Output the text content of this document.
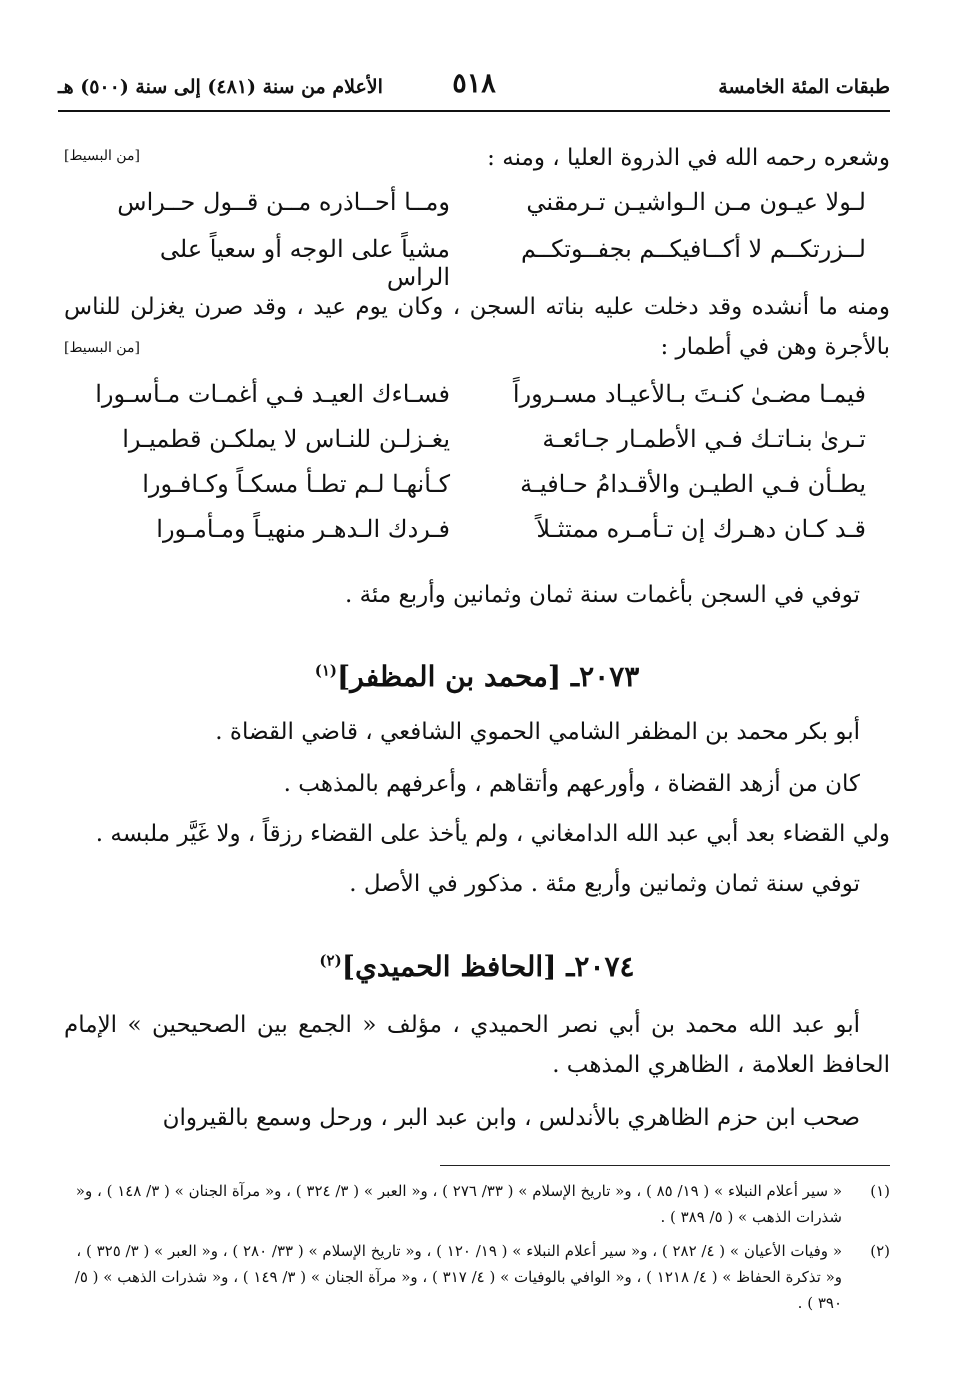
طبقات المئة الخامسة
٥١٨
الأعلام من سنة (٤٨١) إلى سنة (٥٠٠) هـ

وشعره رحمه الله في الذروة العليا ، ومنه :

[من البسيط]
لـولا عيـون مـن الـواشيـن تـرمقني
ومــا أحــاذره مــن قــول حــراس
لــزرتكــم لا أكــافيكــم بجفــوتكــم
مشياً على الوجه أو سعياً على الراس

ومنه ما أنشده وقد دخلت عليه بناته السجن ، وكان يوم عيد ، وقد صرن يغزلن للناس بالأجرة وهن في أطمار :

[من البسيط]
فيمـا مضـىٰ كنـتَ بـالأعيـاد مسـروراً
فسـاءك العيـد فـي أغمـات مـأسـورا
تـرىٰ بنـاتـك فـي الأطمـار جـائعـة
يغـزلـن للنـاس لا يملكـن قطميـرا
يطـأن فـي الطيـن والأقـدامُ حـافيـة
كـأنهـا لـم تطـأ مسكـاً وكـافـورا
قـد كـان دهـرك إن تـأمـره ممتثـلاً
فـردك الـدهـر منهيـاً ومـأمـورا

توفي في السجن بأغمات سنة ثمان وثمانين وأربع مئة .

٢٠٧٣ـ [محمد بن المظفر]$^{(١)}$

أبو بكر محمد بن المظفر الشامي الحموي الشافعي ، قاضي القضاة .

كان من أزهد القضاة ، وأورعهم وأتقاهم ، وأعرفهم بالمذهب .

ولي القضاء بعد أبي عبد الله الدامغاني ، ولم يأخذ على القضاء رزقاً ، ولا غَيَّر ملبسه .

توفي سنة ثمان وثمانين وأربع مئة . مذكور في الأصل .

٢٠٧٤ـ [الحافظ الحميدي]$^{(٢)}$

أبو عبد الله محمد بن أبي نصر الحميدي ، مؤلف « الجمع بين الصحيحين » الإمام الحافظ العلامة ، الظاهري المذهب .

صحب ابن حزم الظاهري بالأندلس ، وابن عبد البر ، ورحل وسمع بالقيروان

(١)
« سير أعلام النبلاء » ( ١٩/ ٨٥ ) ، و« تاريخ الإسلام » ( ٣٣/ ٢٧٦ ) ، و« العبر » ( ٣/ ٣٢٤ ) ، و« مرآة الجنان » ( ٣/ ١٤٨ ) ، و« شذرات الذهب » ( ٥/ ٣٨٩ ) .
(٢)
« وفيات الأعيان » ( ٤/ ٢٨٢ ) ، و« سير أعلام النبلاء » ( ١٩/ ١٢٠ ) ، و« تاريخ الإسلام » ( ٣٣/ ٢٨٠ ) ، و« العبر » ( ٣/ ٣٢٥ ) ، و« تذكرة الحفاظ » ( ٤/ ١٢١٨ ) ، و« الوافي بالوفيات » ( ٤/ ٣١٧ ) ، و« مرآة الجنان » ( ٣/ ١٤٩ ) ، و« شذرات الذهب » ( ٥/ ٣٩٠ ) .
